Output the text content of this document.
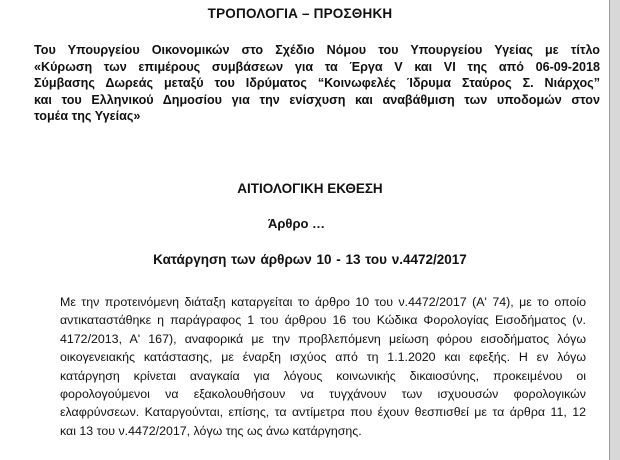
ΤΡΟΠΟΛΟΓΙΑ – ΠΡΟΣΘΗΚΗ
Του Υπουργείου Οικονομικών στο Σχέδιο Νόμου του Υπουργείου Υγείας με τίτλο
«Κύρωση των επιμέρους συμβάσεων για τα Έργα V και VI της από 06-09-2018
Σύμβασης Δωρεάς μεταξύ του Ιδρύματος “Κοινωφελές Ίδρυμα Σταύρος Σ. Νιάρχος”
και του Ελληνικού Δημοσίου για την ενίσχυση και αναβάθμιση των υποδομών στον
τομέα της Υγείας»
ΑΙΤΙΟΛΟΓΙΚΗ ΕΚΘΕΣΗ
Άρθρο …
Κατάργηση των άρθρων 10 - 13 του ν.4472/2017
Με την προτεινόμενη διάταξη καταργείται το άρθρο 10 του ν.4472/2017 (Α' 74), με το οποίο
αντικαταστάθηκε η παράγραφος 1 του άρθρου 16 του Κώδικα Φορολογίας Εισοδήματος (ν.
4172/2013, Α' 167), αναφορικά με την προβλεπόμενη μείωση φόρου εισοδήματος λόγω
οικογενειακής κατάστασης, με έναρξη ισχύος από τη 1.1.2020 και εφεξής. Η εν λόγω
κατάργηση κρίνεται αναγκαία για λόγους κοινωνικής δικαιοσύνης, προκειμένου οι
φορολογούμενοι να εξακολουθήσουν να τυγχάνουν των ισχυουσών φορολογικών
ελαφρύνσεων. Καταργούνται, επίσης, τα αντίμετρα που έχουν θεσπισθεί με τα άρθρα 11, 12
και 13 του ν.4472/2017, λόγω της ως άνω κατάργησης.
